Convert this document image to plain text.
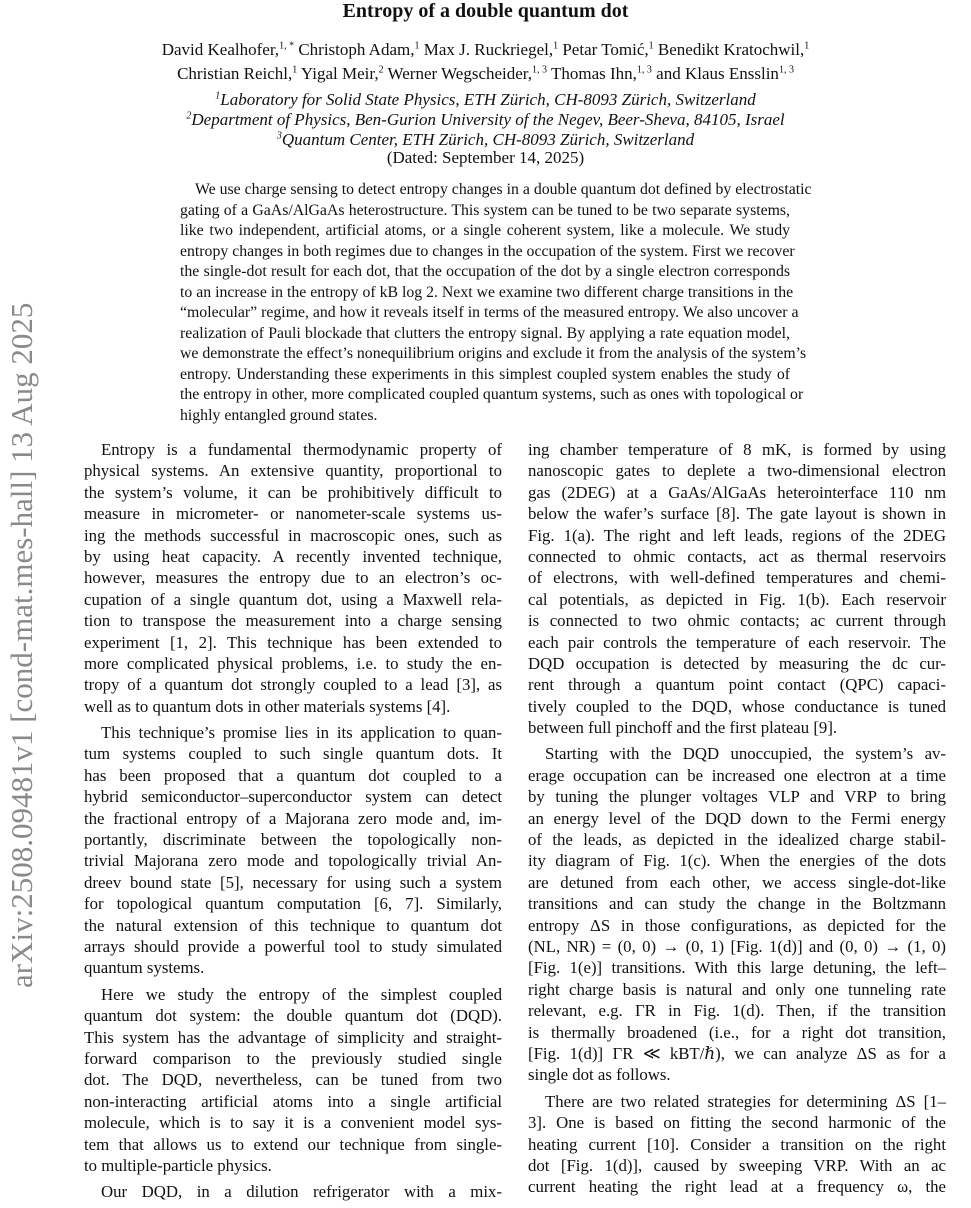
arXiv:2508.09481v1 [cond-mat.mes-hall] 13 Aug 2025
Entropy of a double quantum dot
David Kealhofer,$^{1, *}$ Christoph Adam,$^1$ Max J. Ruckriegel,$^1$ Petar Tomić,$^1$ Benedikt Kratochwil,$^1$
Christian Reichl,$^1$ Yigal Meir,$^2$ Werner Wegscheider,$^{1, 3}$ Thomas Ihn,$^{1, 3}$ and Klaus Ensslin$^{1, 3}$
$^1$Laboratory for Solid State Physics, ETH Zürich, CH-8093 Zürich, Switzerland
$^2$Department of Physics, Ben-Gurion University of the Negev, Beer-Sheva, 84105, Israel
$^3$Quantum Center, ETH Zürich, CH-8093 Zürich, Switzerland
(Dated: September 14, 2025)
We use charge sensing to detect entropy changes in a double quantum dot defined by electrostatic
gating of a GaAs/AlGaAs heterostructure. This system can be tuned to be two separate systems,
like two independent, artificial atoms, or a single coherent system, like a molecule. We study
entropy changes in both regimes due to changes in the occupation of the system. First we recover
the single-dot result for each dot, that the occupation of the dot by a single electron corresponds
to an increase in the entropy of kB log 2. Next we examine two different charge transitions in the
“molecular” regime, and how it reveals itself in terms of the measured entropy. We also uncover a
realization of Pauli blockade that clutters the entropy signal. By applying a rate equation model,
we demonstrate the effect’s nonequilibrium origins and exclude it from the analysis of the system’s
entropy. Understanding these experiments in this simplest coupled system enables the study of
the entropy in other, more complicated coupled quantum systems, such as ones with topological or
highly entangled ground states.
Entropy is a fundamental thermodynamic property of
physical systems. An extensive quantity, proportional to
the system’s volume, it can be prohibitively difficult to
measure in micrometer- or nanometer-scale systems us-
ing the methods successful in macroscopic ones, such as
by using heat capacity. A recently invented technique,
however, measures the entropy due to an electron’s oc-
cupation of a single quantum dot, using a Maxwell rela-
tion to transpose the measurement into a charge sensing
experiment [1, 2]. This technique has been extended to
more complicated physical problems, i.e. to study the en-
tropy of a quantum dot strongly coupled to a lead [3], as
well as to quantum dots in other materials systems [4].
This technique’s promise lies in its application to quan-
tum systems coupled to such single quantum dots. It
has been proposed that a quantum dot coupled to a
hybrid semiconductor–superconductor system can detect
the fractional entropy of a Majorana zero mode and, im-
portantly, discriminate between the topologically non-
trivial Majorana zero mode and topologically trivial An-
dreev bound state [5], necessary for using such a system
for topological quantum computation [6, 7]. Similarly,
the natural extension of this technique to quantum dot
arrays should provide a powerful tool to study simulated
quantum systems.
Here we study the entropy of the simplest coupled
quantum dot system: the double quantum dot (DQD).
This system has the advantage of simplicity and straight-
forward comparison to the previously studied single
dot. The DQD, nevertheless, can be tuned from two
non-interacting artificial atoms into a single artificial
molecule, which is to say it is a convenient model sys-
tem that allows us to extend our technique from single-
to multiple-particle physics.
Our DQD, in a dilution refrigerator with a mix-
ing chamber temperature of 8 mK, is formed by using
nanoscopic gates to deplete a two-dimensional electron
gas (2DEG) at a GaAs/AlGaAs heterointerface 110 nm
below the wafer’s surface [8]. The gate layout is shown in
Fig. 1(a). The right and left leads, regions of the 2DEG
connected to ohmic contacts, act as thermal reservoirs
of electrons, with well-defined temperatures and chemi-
cal potentials, as depicted in Fig. 1(b). Each reservoir
is connected to two ohmic contacts; ac current through
each pair controls the temperature of each reservoir. The
DQD occupation is detected by measuring the dc cur-
rent through a quantum point contact (QPC) capaci-
tively coupled to the DQD, whose conductance is tuned
between full pinchoff and the first plateau [9].
Starting with the DQD unoccupied, the system’s av-
erage occupation can be increased one electron at a time
by tuning the plunger voltages VLP and VRP to bring
an energy level of the DQD down to the Fermi energy
of the leads, as depicted in the idealized charge stabil-
ity diagram of Fig. 1(c). When the energies of the dots
are detuned from each other, we access single-dot-like
transitions and can study the change in the Boltzmann
entropy ΔS in those configurations, as depicted for the
(NL, NR) = (0, 0) → (0, 1) [Fig. 1(d)] and (0, 0) → (1, 0)
[Fig. 1(e)] transitions. With this large detuning, the left–
right charge basis is natural and only one tunneling rate
relevant, e.g. ΓR in Fig. 1(d). Then, if the transition
is thermally broadened (i.e., for a right dot transition,
[Fig. 1(d)] ΓR ≪ kBT/ℏ), we can analyze ΔS as for a
single dot as follows.
There are two related strategies for determining ΔS [1–
3]. One is based on fitting the second harmonic of the
heating current [10]. Consider a transition on the right
dot [Fig. 1(d)], caused by sweeping VRP. With an ac
current heating the right lead at a frequency ω, the
